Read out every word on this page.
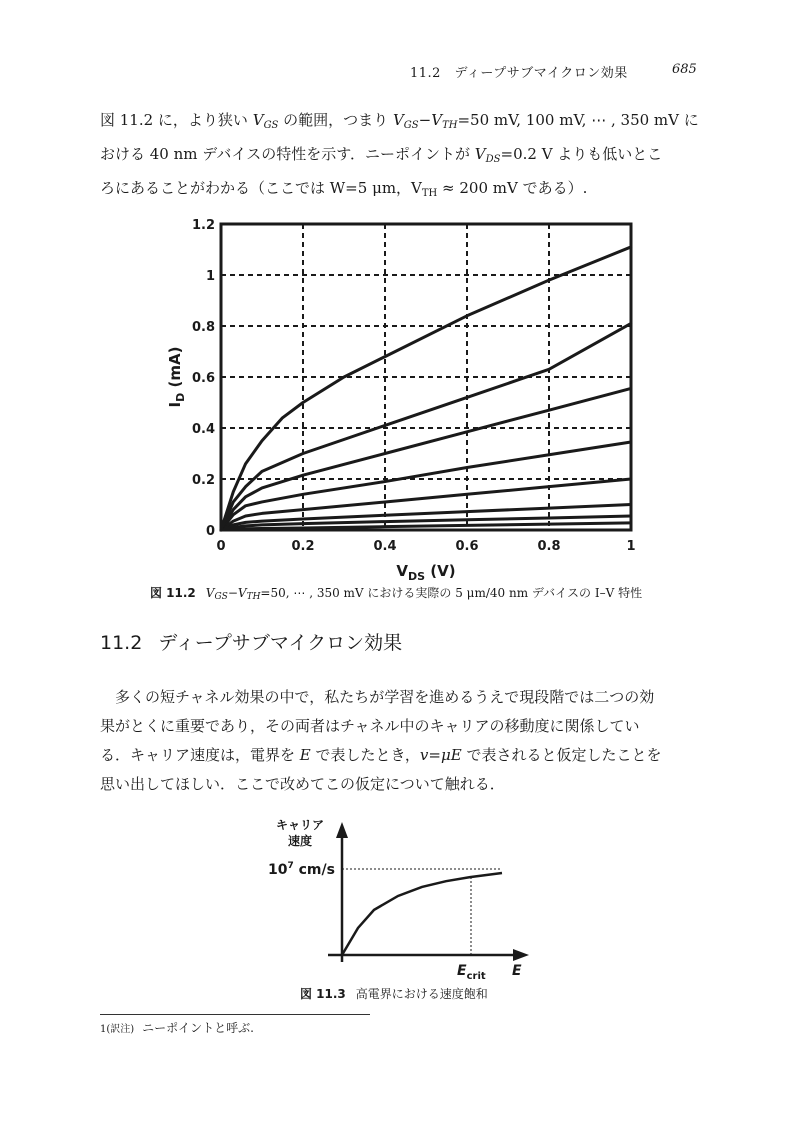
11.2　ディープサブマイクロン効果	685
図 11.2 に，より狭い $V_{GS}$ の範囲，つまり $V_{GS}-V_{TH}=50$ mV, 100 mV, ⋯ , 350 mV に
おける 40 nm デバイスの特性を示す．ニーポイントが $V_{DS}=0.2$ V よりも低いとこ
ろにあることがわかる（ここでは W=5 μm，$V_{TH} \approx 200$ mV である）.
0	0.2	0.4	0.6	0.8	1
0
0.2
0.4
0.6
0.8
1
1.2
$V_{DS}$ (V)
$I_D$ (mA)
図 11.2 $V_{GS}-V_{TH}=50$, ⋯ , 350 mV における実際の 5 μm/40 nm デバイスの I–V 特性
11.2 ディープサブマイクロン効果
多くの短チャネル効果の中で，私たちが学習を進めるうえで現段階では二つの効
果がとくに重要であり，その両者はチャネル中のキャリアの移動度に関係してい
る．キャリア速度は，電界を E で表したとき，v=μE で表されると仮定したことを
思い出してほしい．ここで改めてこの仮定について触れる．
キャリア
速度
$10^7$ cm/s
$E_{crit}$ E
図 11.3 高電界における速度飽和
1(訳注) ニーポイントと呼ぶ.
